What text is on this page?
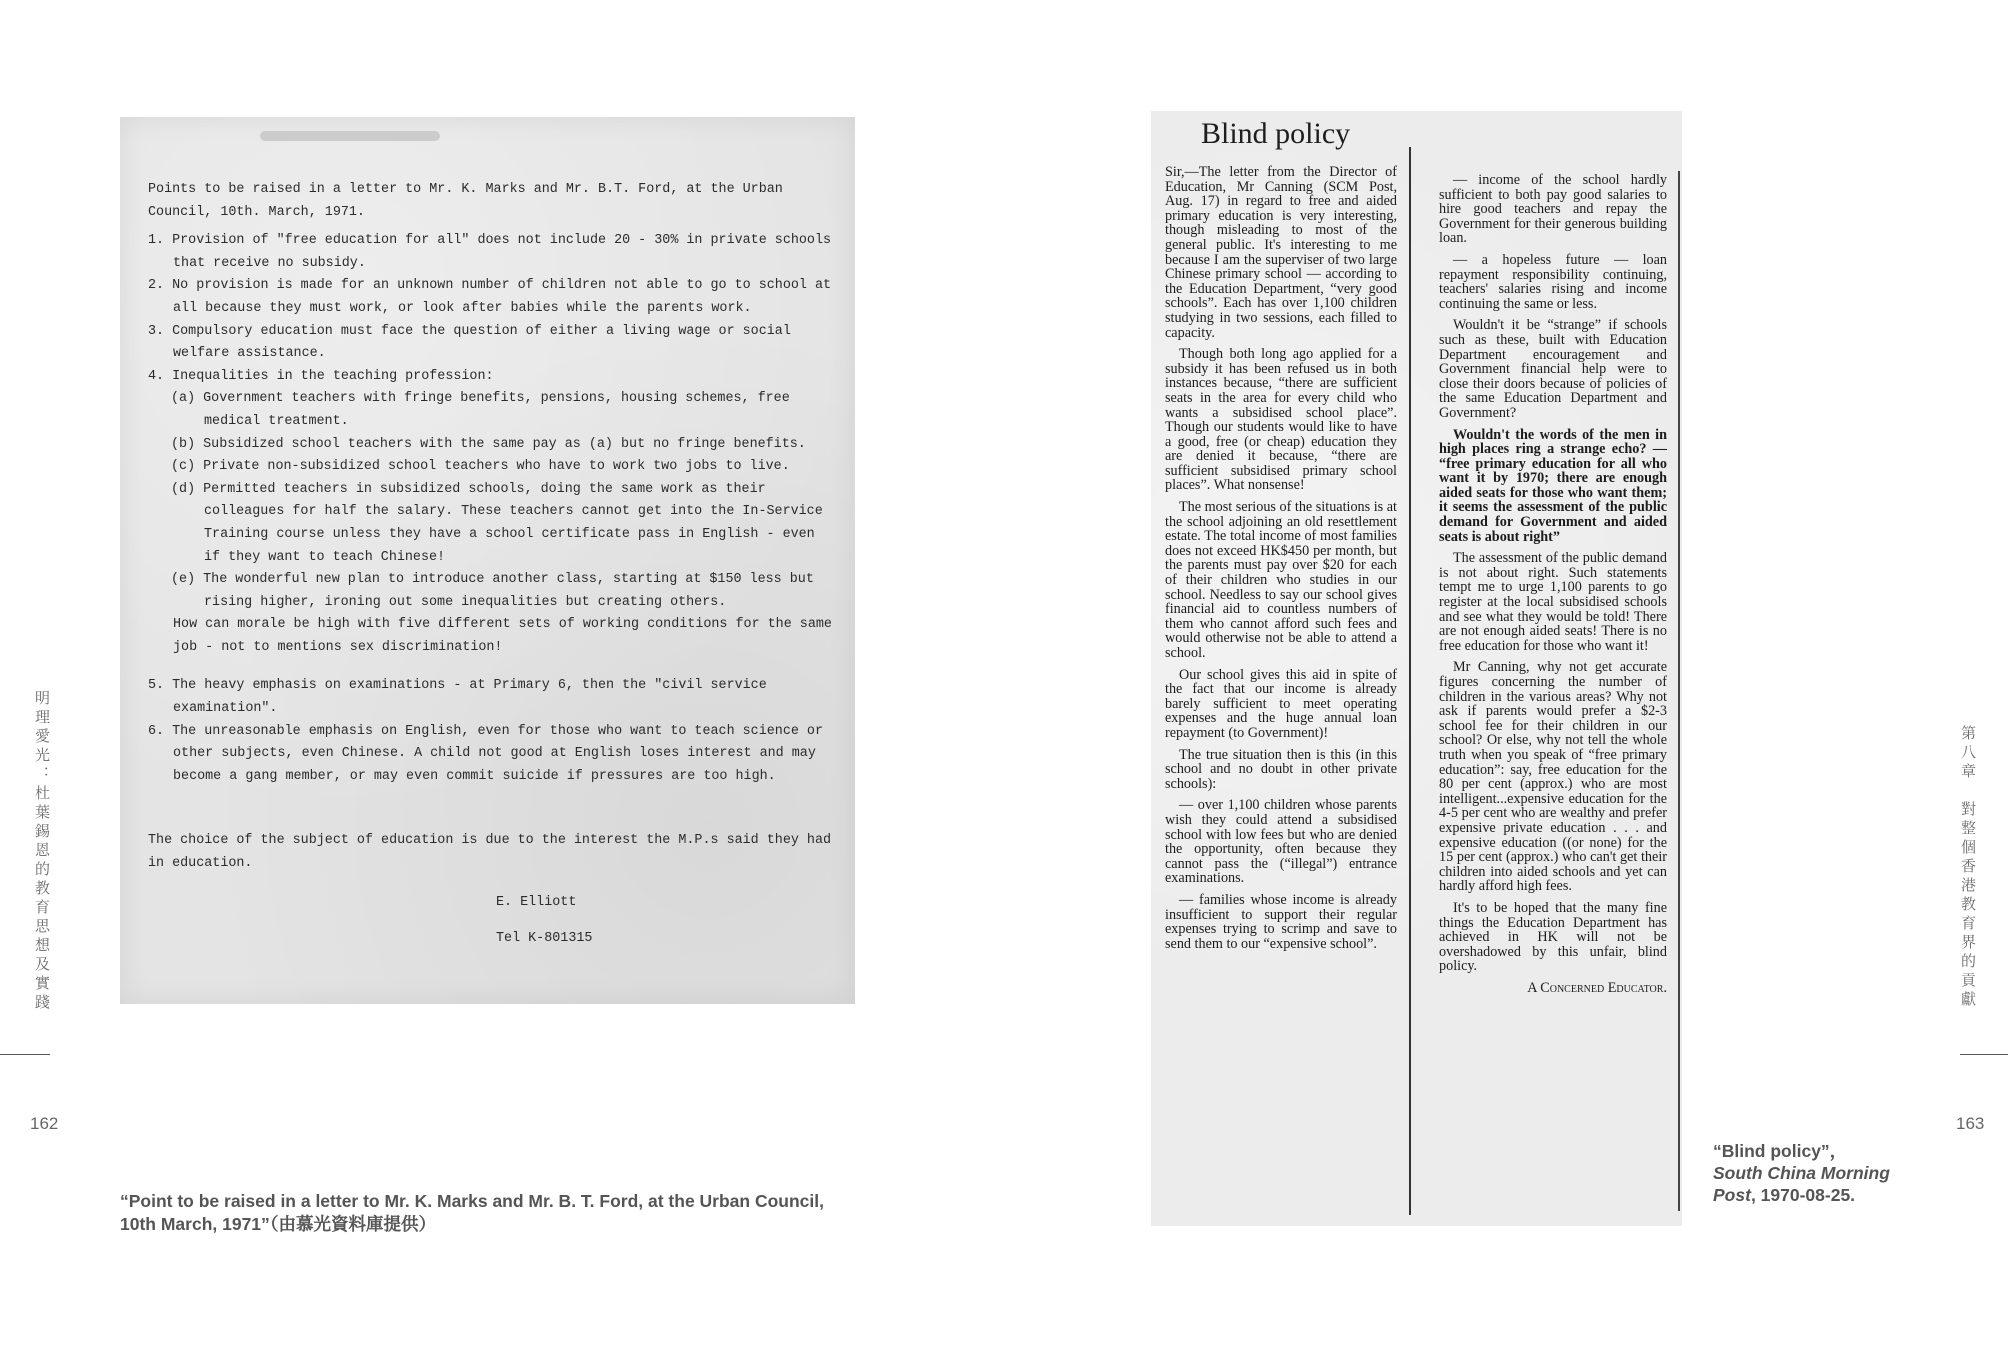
明理愛光：杜葉錫恩的教育思想及實踐
162

Points to be raised in a letter to Mr. K. Marks and Mr. B.T. Ford, at the Urban Council, 10th. March, 1971.

1. Provision of "free education for all" does not include 20 - 30% in private schools that receive no subsidy.

2. No provision is made for an unknown number of children not able to go to school at all because they must work, or look after babies while the parents work.

3. Compulsory education must face the question of either a living wage or social welfare assistance.

4. Inequalities in the teaching profession:

(a) Government teachers with fringe benefits, pensions, housing schemes, free medical treatment.

(b) Subsidized school teachers with the same pay as (a) but no fringe benefits.

(c) Private non-subsidized school teachers who have to work two jobs to live.

(d) Permitted teachers in subsidized schools, doing the same work as their colleagues for half the salary. These teachers cannot get into the In-Service Training course unless they have a school certificate pass in English - even if they want to teach Chinese!

(e) The wonderful new plan to introduce another class, starting at $150 less but rising higher, ironing out some inequalities but creating others.

How can morale be high with five different sets of working conditions for the same job - not to mentions sex discrimination!

5. The heavy emphasis on examinations - at Primary 6, then the "civil service examination".

6. The unreasonable emphasis on English, even for those who want to teach science or other subjects, even Chinese. A child not good at English loses interest and may become a gang member, or may even commit suicide if pressures are too high.

The choice of the subject of education is due to the interest the M.P.s said they had in education.

E. Elliott

Tel K-801315

“Point to be raised in a letter to Mr. K. Marks and Mr. B. T. Ford, at the Urban Council, 10th March, 1971”（由慕光資料庫提供）
Blind policy

Sir,—The letter from the Director of Education, Mr Canning (SCM Post, Aug. 17) in regard to free and aided primary education is very interesting, though misleading to most of the general public. It's interesting to me because I am the superviser of two large Chinese primary school — according to the Education Department, “very good schools”. Each has over 1,100 children studying in two sessions, each filled to capacity.

Though both long ago applied for a subsidy it has been refused us in both instances because, “there are sufficient seats in the area for every child who wants a subsidised school place”. Though our students would like to have a good, free (or cheap) education they are denied it because, “there are sufficient subsidised primary school places”. What nonsense!

The most serious of the situations is at the school adjoining an old resettlement estate. The total income of most families does not exceed HK$450 per month, but the parents must pay over $20 for each of their children who studies in our school. Needless to say our school gives financial aid to countless numbers of them who cannot afford such fees and would otherwise not be able to attend a school.

Our school gives this aid in spite of the fact that our income is already barely sufficient to meet operating expenses and the huge annual loan repayment (to Government)!

The true situation then is this (in this school and no doubt in other private schools):

— over 1,100 children whose parents wish they could attend a subsidised school with low fees but who are denied the opportunity, often because they cannot pass the (“illegal”) entrance examinations.

— families whose income is already insufficient to support their regular expenses trying to scrimp and save to send them to our “expensive school”.

— income of the school hardly sufficient to both pay good salaries to hire good teachers and repay the Government for their generous building loan.

— a hopeless future — loan repayment responsibility continuing, teachers' salaries rising and income continuing the same or less.

Wouldn't it be “strange” if schools such as these, built with Education Department encouragement and Government financial help were to close their doors because of policies of the same Education Department and Government?

Wouldn't the words of the men in high places ring a strange echo? — “free primary education for all who want it by 1970; there are enough aided seats for those who want them; it seems the assessment of the public demand for Government and aided seats is about right”

The assessment of the public demand is not about right. Such statements tempt me to urge 1,100 parents to go register at the local subsidised schools and see what they would be told! There are not enough aided seats! There is no free education for those who want it!

Mr Canning, why not get accurate figures concerning the number of children in the various areas? Why not ask if parents would prefer a $2-3 school fee for their children in our school? Or else, why not tell the whole truth when you speak of “free primary education”: say, free education for the 80 per cent (approx.) who are most intelligent...expensive education for the 4-5 per cent who are wealthy and prefer expensive private education . . . and expensive education ((or none) for the 15 per cent (approx.) who can't get their children into aided schools and yet can hardly afford high fees.

It's to be hoped that the many fine things the Education Department has achieved in HK will not be overshadowed by this unfair, blind policy.

A Concerned Educator.

“Blind policy”，
South China Morning Post, 1970-08-25.
第八章　對整個香港教育界的貢獻
163
